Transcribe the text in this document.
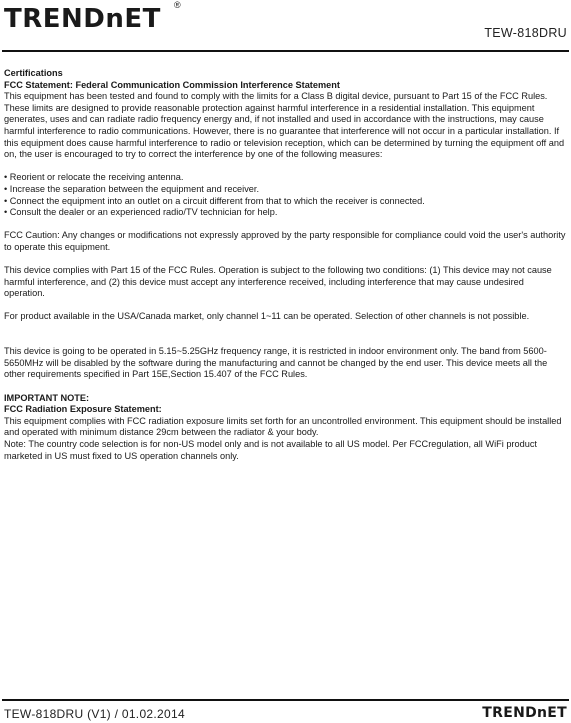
TRENDnET ®
TEW-818DRU

Certifications

FCC Statement: Federal Communication Commission Interference Statement

This equipment has been tested and found to comply with the limits for a Class B digital device, pursuant to Part 15 of the FCC Rules. These limits are designed to provide reasonable protection against harmful interference in a residential installation. This equipment generates, uses and can radiate radio frequency energy and, if not installed and used in accordance with the instructions, may cause harmful interference to radio communications. However, there is no guarantee that interference will not occur in a particular installation. If this equipment does cause harmful interference to radio or television reception, which can be determined by turning the equipment off and on, the user is encouraged to try to correct the interference by one of the following measures:

• Reorient or relocate the receiving antenna.

• Increase the separation between the equipment and receiver.

• Connect the equipment into an outlet on a circuit different from that to which the receiver is connected.

• Consult the dealer or an experienced radio/TV technician for help.

FCC Caution: Any changes or modifications not expressly approved by the party responsible for compliance could void the user's authority to operate this equipment.

This device complies with Part 15 of the FCC Rules. Operation is subject to the following two conditions: (1) This device may not cause harmful interference, and (2) this device must accept any interference received, including interference that may cause undesired operation.

For product available in the USA/Canada market, only channel 1~11 can be operated. Selection of other channels is not possible.

This device is going to be operated in 5.15~5.25GHz frequency range, it is restricted in indoor environment only. The band from 5600-5650MHz will be disabled by the software during the manufacturing and cannot be changed by the end user. This device meets all the other requirements specified in Part 15E,Section 15.407 of the FCC Rules.

IMPORTANT NOTE:

FCC Radiation Exposure Statement:

This equipment complies with FCC radiation exposure limits set forth for an uncontrolled environment. This equipment should be installed and operated with minimum distance 29cm between the radiator & your body.

Note: The country code selection is for non-US model only and is not available to all US model. Per FCCregulation, all WiFi product marketed in US must fixed to US operation channels only.

TEW-818DRU (V1) / 01.02.2014	TRENDnET
